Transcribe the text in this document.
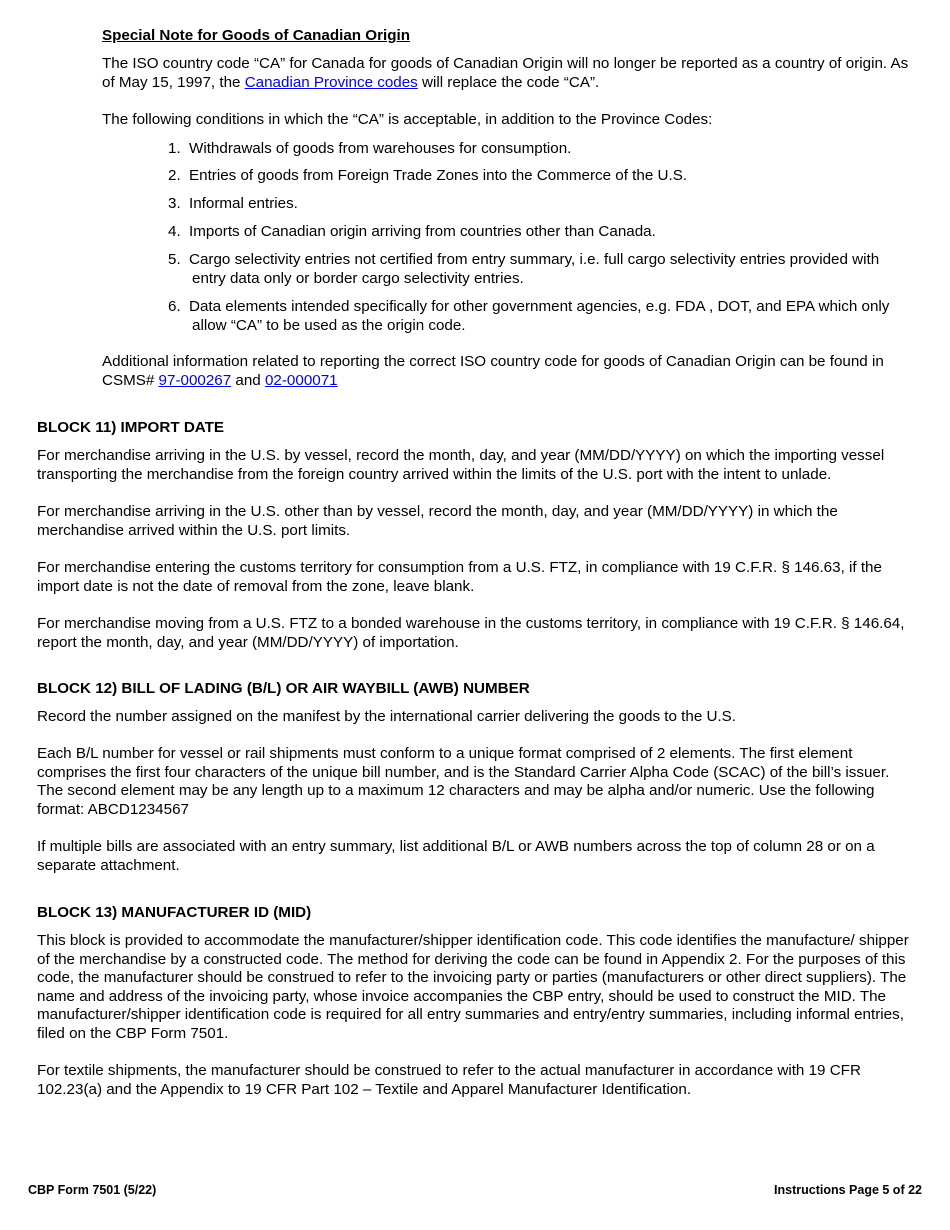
Special Note for Goods of Canadian Origin

The ISO country code “CA” for Canada for goods of Canadian Origin will no longer be reported as a country of origin. As of May 15, 1997, the Canadian Province codes will replace the code “CA”.

The following conditions in which the “CA” is acceptable, in addition to the Province Codes:

1. Withdrawals of goods from warehouses for consumption.
2. Entries of goods from Foreign Trade Zones into the Commerce of the U.S.
3. Informal entries.
4. Imports of Canadian origin arriving from countries other than Canada.
5. Cargo selectivity entries not certified from entry summary, i.e. full cargo selectivity entries provided with
entry data only or border cargo selectivity entries.
6. Data elements intended specifically for other government agencies, e.g. FDA , DOT, and EPA which only
allow “CA” to be used as the origin code.

Additional information related to reporting the correct ISO country code for goods of Canadian Origin can be found in CSMS# 97-000267 and 02-000071

BLOCK 11) IMPORT DATE

For merchandise arriving in the U.S. by vessel, record the month, day, and year (MM/DD/YYYY) on which the importing vessel transporting the merchandise from the foreign country arrived within the limits of the U.S. port with the intent to unlade.

For merchandise arriving in the U.S. other than by vessel, record the month, day, and year (MM/DD/YYYY) in which the merchandise arrived within the U.S. port limits.

For merchandise entering the customs territory for consumption from a U.S. FTZ, in compliance with 19 C.F.R. § 146.63, if the import date is not the date of removal from the zone, leave blank.

For merchandise moving from a U.S. FTZ to a bonded warehouse in the customs territory, in compliance with 19 C.F.R. § 146.64, report the month, day, and year (MM/DD/YYYY) of importation.

BLOCK 12) BILL OF LADING (B/L) OR AIR WAYBILL (AWB) NUMBER

Record the number assigned on the manifest by the international carrier delivering the goods to the U.S.

Each B/L number for vessel or rail shipments must conform to a unique format comprised of 2 elements. The first element comprises the first four characters of the unique bill number, and is the Standard Carrier Alpha Code (SCAC) of the bill’s issuer. The second element may be any length up to a maximum 12 characters and may be alpha and/or numeric. Use the following format: ABCD1234567

If multiple bills are associated with an entry summary, list additional B/L or AWB numbers across the top of column 28 or on a separate attachment.

BLOCK 13) MANUFACTURER ID (MID)

This block is provided to accommodate the manufacturer/shipper identification code. This code identifies the manufacture/ shipper of the merchandise by a constructed code. The method for deriving the code can be found in Appendix 2. For the purposes of this code, the manufacturer should be construed to refer to the invoicing party or parties (manufacturers or other direct suppliers). The name and address of the invoicing party, whose invoice accompanies the CBP entry, should be used to construct the MID. The manufacturer/shipper identification code is required for all entry summaries and entry/entry summaries, including informal entries, filed on the CBP Form 7501.

For textile shipments, the manufacturer should be construed to refer to the actual manufacturer in accordance with 19 CFR 102.23(a) and the Appendix to 19 CFR Part 102 – Textile and Apparel Manufacturer Identification.

CBP Form 7501 (5/22)	Instructions Page 5 of 22
